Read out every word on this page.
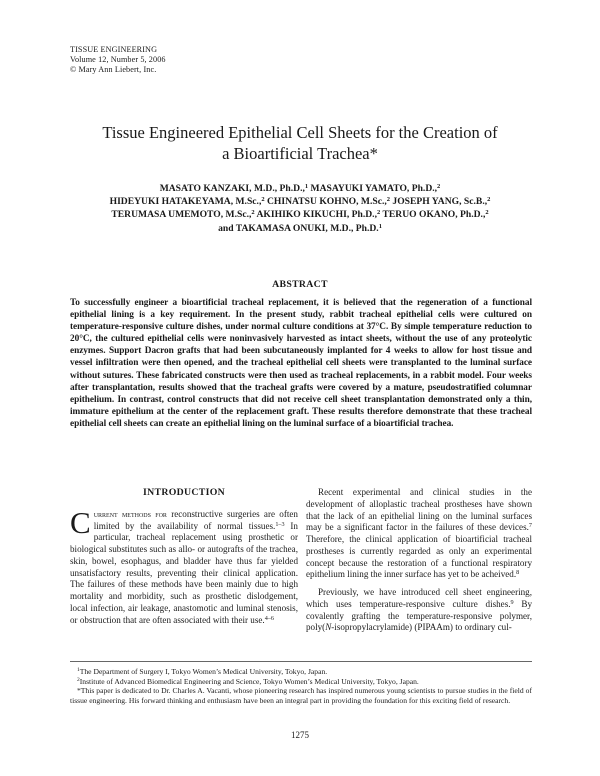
TISSUE ENGINEERING
Volume 12, Number 5, 2006
© Mary Ann Liebert, Inc.
Tissue Engineered Epithelial Cell Sheets for the Creation of
a Bioartificial Trachea*
MASATO KANZAKI, M.D., Ph.D.,$^1$ MASAYUKI YAMATO, Ph.D.,$^2$
HIDEYUKI HATAKEYAMA, M.Sc.,$^2$ CHINATSU KOHNO, M.Sc.,$^2$ JOSEPH YANG, Sc.B.,$^2$
TERUMASA UMEMOTO, M.Sc.,$^2$ AKIHIKO KIKUCHI, Ph.D.,$^2$ TERUO OKANO, Ph.D.,$^2$
and TAKAMASA ONUKI, M.D., Ph.D.$^1$
ABSTRACT
To successfully engineer a bioartificial tracheal replacement, it is believed that the regeneration of a functional epithelial lining is a key requirement. In the present study, rabbit tracheal epithelial cells were cultured on temperature-responsive culture dishes, under normal culture conditions at 37°C. By simple temperature reduction to 20°C, the cultured epithelial cells were noninvasively harvested as intact sheets, without the use of any proteolytic enzymes. Support Dacron grafts that had been subcutaneously implanted for 4 weeks to allow for host tissue and vessel infiltration were then opened, and the tracheal epithelial cell sheets were transplanted to the luminal surface without sutures. These fabricated constructs were then used as tracheal replacements, in a rabbit model. Four weeks after transplantation, results showed that the tracheal grafts were covered by a mature, pseudostratified columnar epithelium. In contrast, control constructs that did not receive cell sheet transplantation demonstrated only a thin, immature epithelium at the center of the replacement graft. These results therefore demonstrate that these tracheal epithelial cell sheets can create an epithelial lining on the luminal surface of a bioartificial trachea.
INTRODUCTION

Current methods for reconstructive surgeries are often limited by the availability of normal tissues.$^{1-3}$ In particular, tracheal replacement using prosthetic or biological substitutes such as allo- or autografts of the trachea, skin, bowel, esophagus, and bladder have thus far yielded unsatisfactory results, preventing their clinical application. The failures of these methods have been mainly due to high mortality and morbidity, such as prosthetic dislodgement, local infection, air leakage, anastomotic and luminal stenosis, or obstruction that are often associated with their use.$^{4-6}$

Recent experimental and clinical studies in the development of alloplastic tracheal prostheses have shown that the lack of an epithelial lining on the luminal surfaces may be a significant factor in the failures of these devices.$^7$ Therefore, the clinical application of bioartificial tracheal prostheses is currently regarded as only an experimental concept because the restoration of a functional respiratory epithelium lining the inner surface has yet to be acheived.$^8$

Previously, we have introduced cell sheet engineering, which uses temperature-responsive culture dishes.$^9$ By covalently grafting the temperature-responsive polymer, poly(N-isopropylacrylamide) (PIPAAm) to ordinary cul-

$^1$The Department of Surgery I, Tokyo Women’s Medical University, Tokyo, Japan.

$^2$Institute of Advanced Biomedical Engineering and Science, Tokyo Women’s Medical University, Tokyo, Japan.

*This paper is dedicated to Dr. Charles A. Vacanti, whose pioneering research has inspired numerous young scientists to pursue studies in the field of tissue engineering. His forward thinking and enthusiasm have been an integral part in providing the foundation for this exciting field of research.

1275
